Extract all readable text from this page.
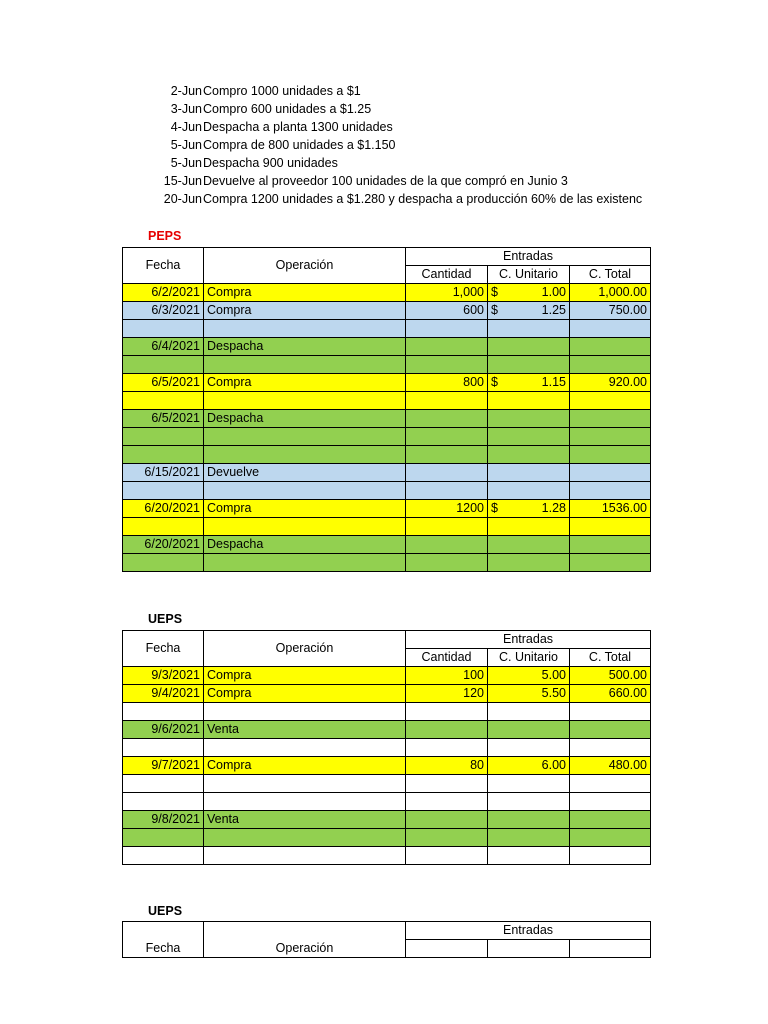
2-Jun Compro 1000 unidades a $1
3-Jun Compro 600 unidades a $1.25
4-Jun Despacha a planta 1300 unidades
5-Jun Compra de 800 unidades a $1.150
5-Jun Despacha 900 unidades
15-Jun Devuelve al proveedor 100 unidades de la que compró en Junio 3
20-Jun Compra 1200 unidades a $1.280 y despacha a producción 60% de las existenc
PEPS
Fecha	Operación	Entradas		
		Cantidad	C. Unitario	C. Total
6/2/2021	Compra	1,000	$ 1.00	1,000.00
6/3/2021	Compra	600	$ 1.25	750.00

6/4/2021	Despacha			

6/5/2021	Compra	800	$ 1.15	920.00

6/5/2021	Despacha			

6/15/2021	Devuelve			

6/20/2021	Compra	1200	$ 1.28	1536.00

6/20/2021	Despacha			

UEPS
Fecha	Operación	Entradas		
		Cantidad	C. Unitario	C. Total
9/3/2021	Compra	100	5.00	500.00
9/4/2021	Compra	120	5.50	660.00

9/6/2021	Venta			

9/7/2021	Compra	80	6.00	480.00

9/8/2021	Venta			

UEPS
Fecha	Operación	Entradas		
